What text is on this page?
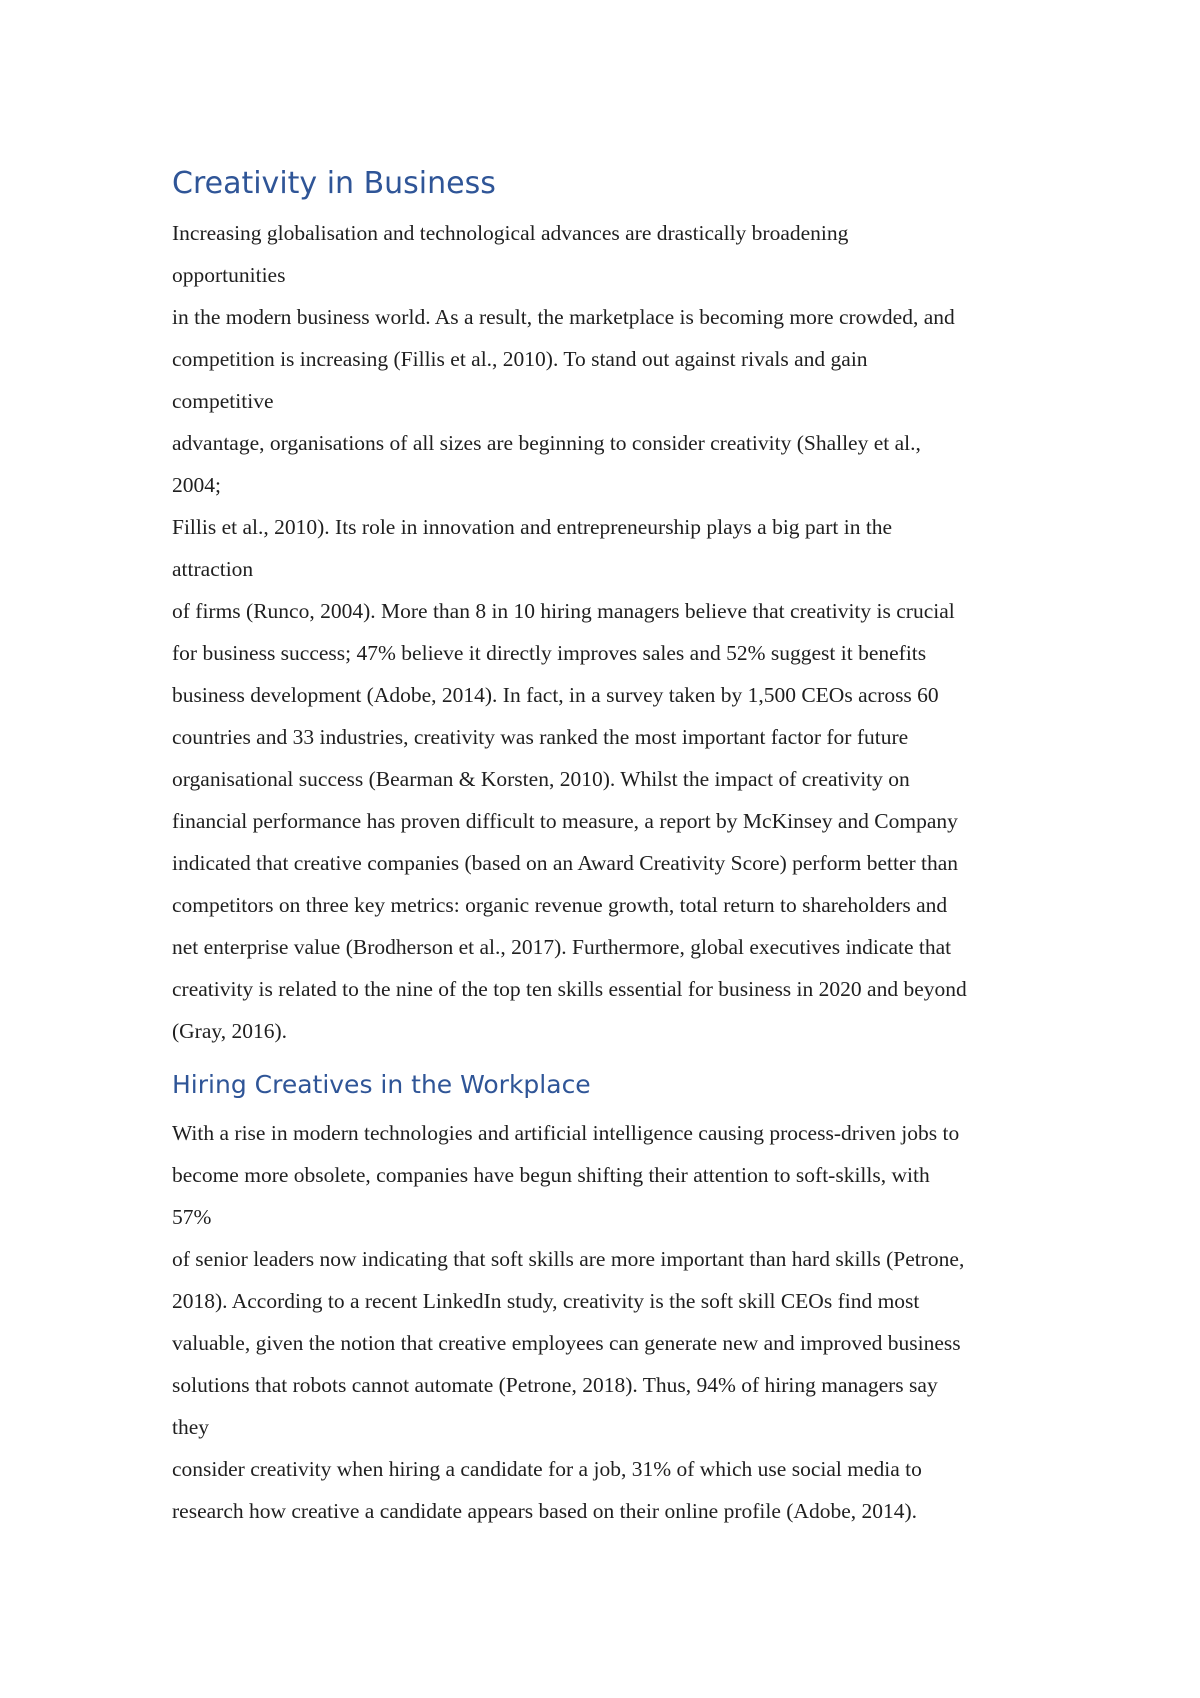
Creativity in Business
Increasing globalisation and technological advances are drastically broadening
opportunities
in the modern business world. As a result, the marketplace is becoming more crowded, and
competition is increasing (Fillis et al., 2010). To stand out against rivals and gain
competitive
advantage, organisations of all sizes are beginning to consider creativity (Shalley et al.,
2004;
Fillis et al., 2010). Its role in innovation and entrepreneurship plays a big part in the
attraction
of firms (Runco, 2004). More than 8 in 10 hiring managers believe that creativity is crucial
for business success; 47% believe it directly improves sales and 52% suggest it benefits
business development (Adobe, 2014). In fact, in a survey taken by 1,500 CEOs across 60
countries and 33 industries, creativity was ranked the most important factor for future
organisational success (Bearman & Korsten, 2010). Whilst the impact of creativity on
financial performance has proven difficult to measure, a report by McKinsey and Company
indicated that creative companies (based on an Award Creativity Score) perform better than
competitors on three key metrics: organic revenue growth, total return to shareholders and
net enterprise value (Brodherson et al., 2017). Furthermore, global executives indicate that
creativity is related to the nine of the top ten skills essential for business in 2020 and beyond
(Gray, 2016).
Hiring Creatives in the Workplace
With a rise in modern technologies and artificial intelligence causing process-driven jobs to
become more obsolete, companies have begun shifting their attention to soft-skills, with
57%
of senior leaders now indicating that soft skills are more important than hard skills (Petrone,
2018). According to a recent LinkedIn study, creativity is the soft skill CEOs find most
valuable, given the notion that creative employees can generate new and improved business
solutions that robots cannot automate (Petrone, 2018). Thus, 94% of hiring managers say
they
consider creativity when hiring a candidate for a job, 31% of which use social media to
research how creative a candidate appears based on their online profile (Adobe, 2014).
